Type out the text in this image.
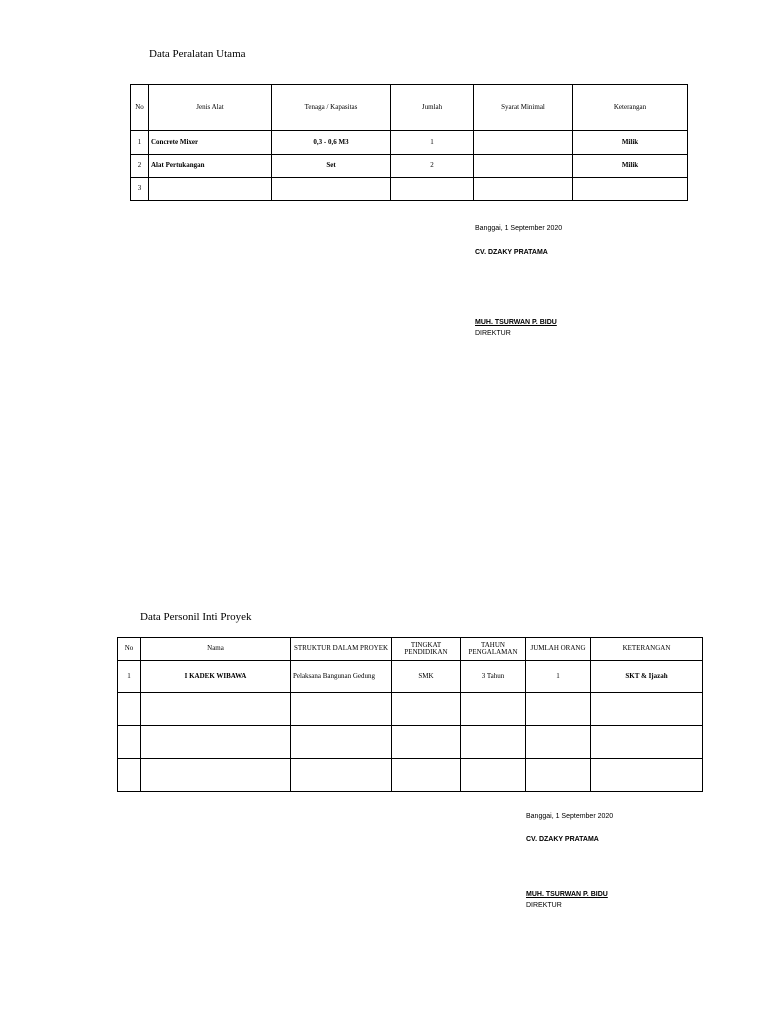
Data Peralatan Utama
No	Jenis Alat	Tenaga / Kapasitas	Jumlah	Syarat Minimal	Keterangan
1	Concrete Mixer	0,3 - 0,6 M3	1		Milik
2	Alat Pertukangan	Set	2		Milik
3					
Banggai, 1 September 2020
CV. DZAKY PRATAMA
MUH. TSURWAN P. BIDU
DIREKTUR
Data Personil Inti Proyek
No	Nama	STRUKTUR DALAM PROYEK	TINGKAT PENDIDIKAN	TAHUN PENGALAMAN	JUMLAH ORANG	KETERANGAN
1	I KADEK WIBAWA	Pelaksana Bangunan Gedung	SMK	3 Tahun	1	SKT & Ijazah

Banggai, 1 September 2020
CV. DZAKY PRATAMA
MUH. TSURWAN P. BIDU
DIREKTUR
